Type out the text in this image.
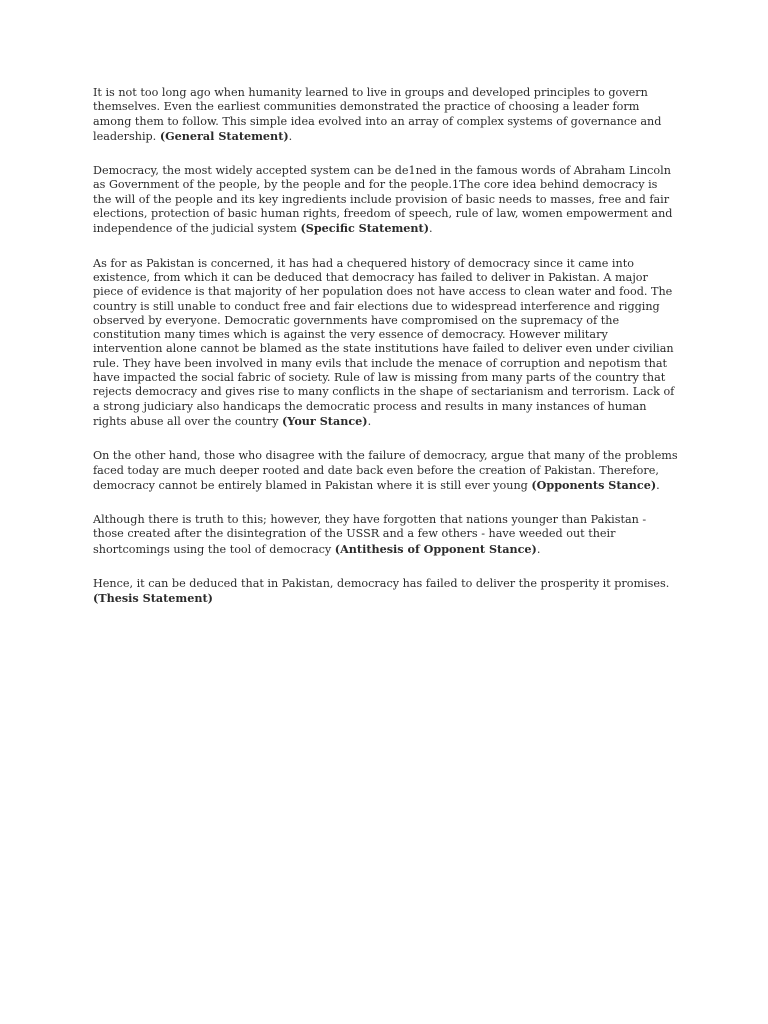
It is not too long ago when humanity learned to live in groups and developed principles to govern themselves. Even the earliest communities demonstrated the practice of choosing a leader form among them to follow. This simple idea evolved into an array of complex systems of governance and leadership. (General Statement).

Democracy, the most widely accepted system can be de1ned in the famous words of Abraham Lincoln as Government of the people, by the people and for the people.1The core idea behind democracy is the will of the people and its key ingredients include provision of basic needs to masses, free and fair elections, protection of basic human rights, freedom of speech, rule of law, women empowerment and independence of the judicial system (Specific Statement).

As for as Pakistan is concerned, it has had a chequered history of democracy since it came into existence, from which it can be deduced that democracy has failed to deliver in Pakistan. A major piece of evidence is that majority of her population does not have access to clean water and food. The country is still unable to conduct free and fair elections due to widespread interference and rigging observed by everyone. Democratic governments have compromised on the supremacy of the constitution many times which is against the very essence of democracy. However military intervention alone cannot be blamed as the state institutions have failed to deliver even under civilian rule. They have been involved in many evils that include the menace of corruption and nepotism that have impacted the social fabric of society. Rule of law is missing from many parts of the country that rejects democracy and gives rise to many conflicts in the shape of sectarianism and terrorism. Lack of a strong judiciary also handicaps the democratic process and results in many instances of human rights abuse all over the country (Your Stance).

On the other hand, those who disagree with the failure of democracy, argue that many of the problems faced today are much deeper rooted and date back even before the creation of Pakistan. Therefore, democracy cannot be entirely blamed in Pakistan where it is still ever young (Opponents Stance).

Although there is truth to this; however, they have forgotten that nations younger than Pakistan - those created after the disintegration of the USSR and a few others - have weeded out their shortcomings using the tool of democracy (Antithesis of Opponent Stance).

Hence, it can be deduced that in Pakistan, democracy has failed to deliver the prosperity it promises. (Thesis Statement)
